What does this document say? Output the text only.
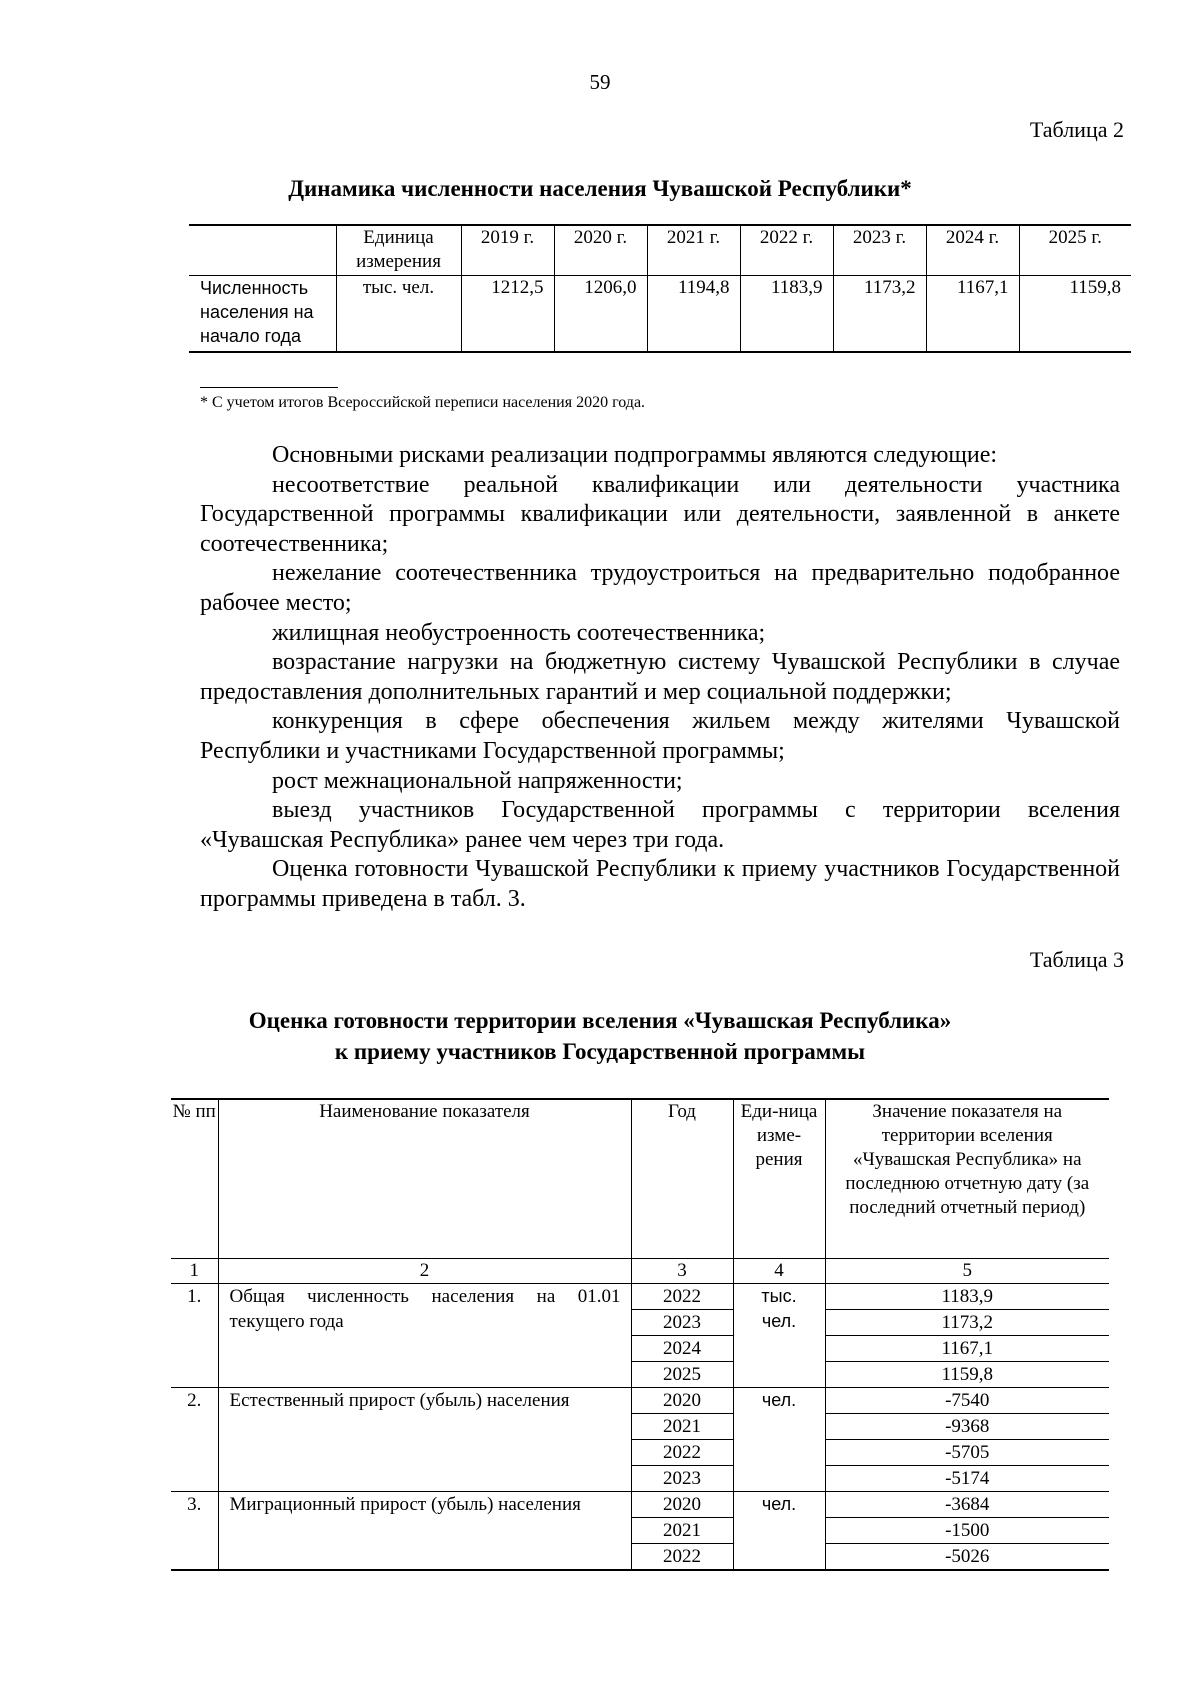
59
Таблица 2
Динамика численности населения Чувашской Республики*
	Единица измерения	2019 г.	2020 г.	2021 г.	2022 г.	2023 г.	2024 г.	2025 г.
Численность населения на начало года	тыс. чел.	1212,5	1206,0	1194,8	1183,9	1173,2	1167,1	1159,8
* С учетом итогов Всероссийской переписи населения 2020 года.

Основными рисками реализации подпрограммы являются следующие:

несоответствие реальной квалификации или деятельности участника Государственной программы квалификации или деятельности, заявленной в анкете соотечественника;

нежелание соотечественника трудоустроиться на предварительно подобранное рабочее место;

жилищная необустроенность соотечественника;

возрастание нагрузки на бюджетную систему Чувашской Республики в случае предоставления дополнительных гарантий и мер социальной поддержки;

конкуренция в сфере обеспечения жильем между жителями Чувашской Республики и участниками Государственной программы;

рост межнациональной напряженности;

выезд участников Государственной программы с территории вселения «Чувашская Республика» ранее чем через три года.

Оценка готовности Чувашской Республики к приему участников Государственной программы приведена в табл. 3.

Таблица 3
Оценка готовности территории вселения «Чувашская Республика»
к приему участников Государственной программы
№ пп	Наименование показателя	Год	Еди-ница изме-рения	Значение показателя на территории вселения «Чувашская Республика» на последнюю отчетную дату (за последний отчетный период)
1	2	3	4	5
1.	Общая численность населения на 01.01 текущего года	2022	тыс. чел.	1183,9
		2023		1173,2
		2024		1167,1
		2025		1159,8
2.	Естественный прирост (убыль) населения	2020	чел.	-7540
		2021		-9368
		2022		-5705
		2023		-5174
3.	Миграционный прирост (убыль) населения	2020	чел.	-3684
		2021		-1500
		2022		-5026
